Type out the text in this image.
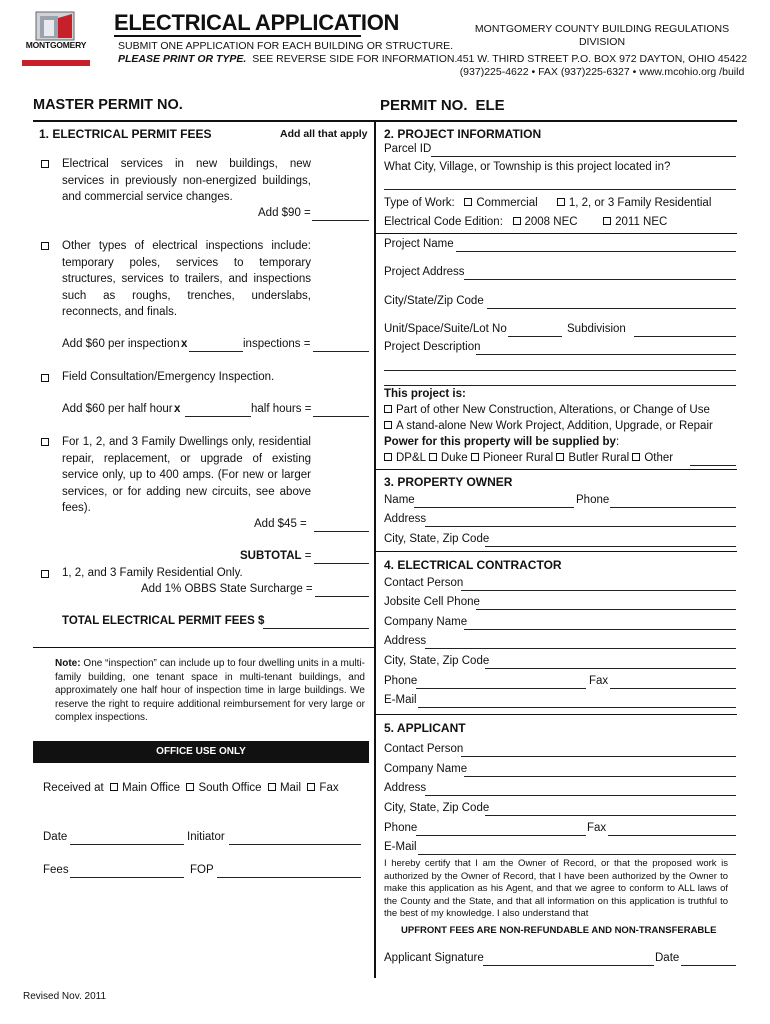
MONTGOMERY
ELECTRICAL APPLICATION
SUBMIT ONE APPLICATION FOR EACH BUILDING OR STRUCTURE.
PLEASE PRINT OR TYPE. SEE REVERSE SIDE FOR INFORMATION.
MONTGOMERY COUNTY BUILDING REGULATIONS DIVISION
451 W. THIRD STREET P.O. BOX 972 DAYTON, OHIO 45422
(937)225-4622 • FAX (937)225-6327 • www.mcohio.org /build
MASTER PERMIT NO.	PERMIT NO. ELE
1. ELECTRICAL PERMIT FEES	Add all that apply
Electrical services in new buildings, new services in previously non-energized buildings, and commercial service changes.
Add $90 =
Other types of electrical inspections include: temporary poles, services to temporary structures, services to trailers, and inspections such as roughs, trenches, underslabs, reconnects, and finals.
Add $60 per inspection x	inspections =
Field Consultation/Emergency Inspection.
Add $60 per half hour x	half hours =
For 1, 2, and 3 Family Dwellings only, residential repair, replacement, or upgrade of existing service only, up to 400 amps. (For new or larger services, or for adding new circuits, see above fees).
Add $45 =
SUBTOTAL =
1, 2, and 3 Family Residential Only.
Add 1% OBBS State Surcharge =
TOTAL ELECTRICAL PERMIT FEES $
Note: One “inspection” can include up to four dwelling units in a multi-family building, one tenant space in multi-tenant buildings, and approximately one half hour of inspection time in large buildings. We reserve the right to require additional reimbursement for very large or complex inspections.
OFFICE USE ONLY
Received at Main Office South Office Mail Fax
Date	Initiator
Fees	FOP
Revised Nov. 2011
2. PROJECT INFORMATION
Parcel ID
What City, Village, or Township is this project located in?
Type of Work: Commercial	1, 2, or 3 Family Residential
Electrical Code Edition: 2008 NEC	2011 NEC
Project Name
Project Address
City/State/Zip Code
Unit/Space/Suite/Lot No	Subdivision
Project Description
This project is:
Part of other New Construction, Alterations, or Change of Use
A stand-alone New Work Project, Addition, Upgrade, or Repair
Power for this property will be supplied by:
DP&L Duke Pioneer Rural Butler Rural Other
3. PROPERTY OWNER
Name	Phone
Address
City, State, Zip Code
4. ELECTRICAL CONTRACTOR
Contact Person
Jobsite Cell Phone
Company Name
Address
City, State, Zip Code
Phone	Fax
E-Mail
5. APPLICANT
Contact Person
Company Name
Address
City, State, Zip Code
Phone	Fax
E-Mail
I hereby certify that I am the Owner of Record, or that the proposed work is authorized by the Owner of Record, that I have been authorized by the Owner to make this application as his Agent, and that we agree to conform to ALL laws of the County and the State, and that all information on this application is truthful to the best of my knowledge. I also understand that
UPFRONT FEES ARE NON-REFUNDABLE AND NON-TRANSFERABLE
Applicant Signature	Date
